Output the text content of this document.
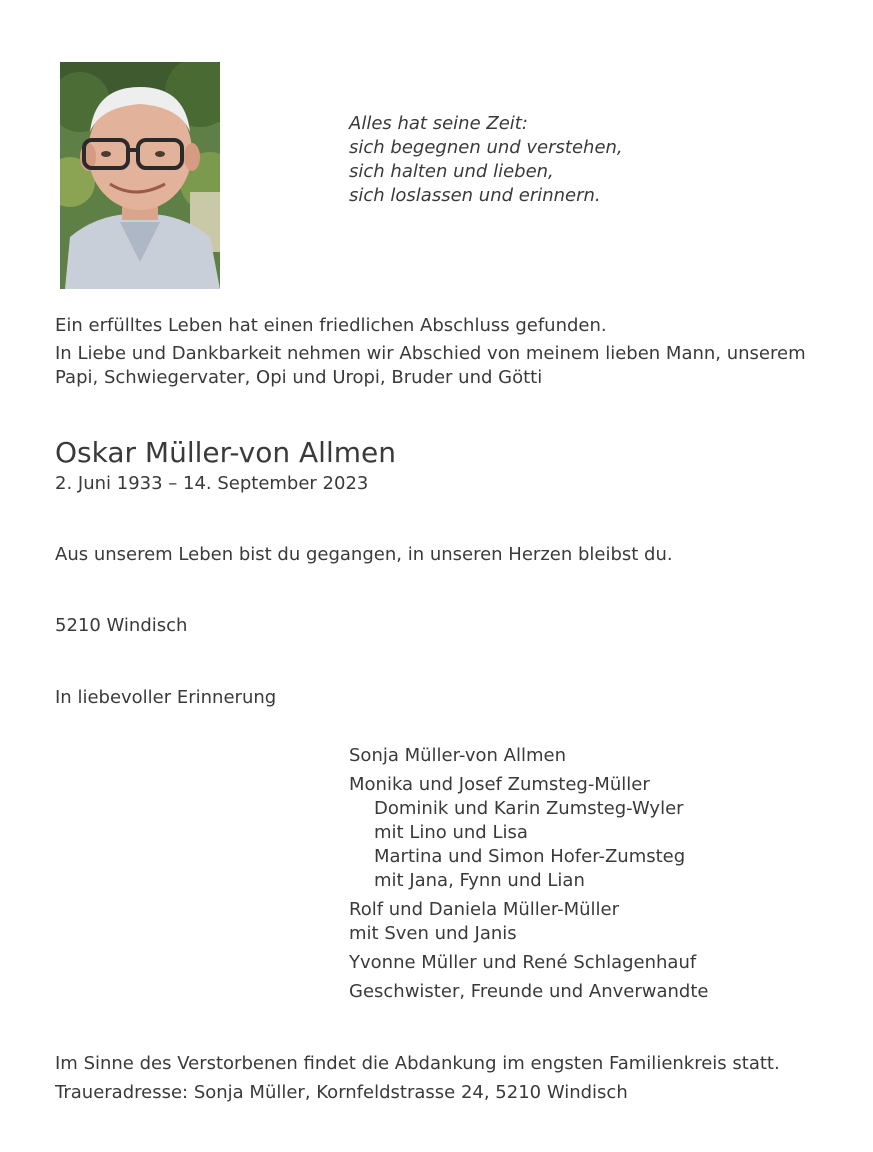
Alles hat seine Zeit:
sich begegnen und verstehen,
sich halten und lieben,
sich loslassen und erinnern.
Ein erfülltes Leben hat einen friedlichen Abschluss gefunden.
In Liebe und Dankbarkeit nehmen wir Abschied von meinem lieben Mann, unserem
Papi, Schwiegervater, Opi und Uropi, Bruder und Götti
Oskar Müller-von Allmen
2. Juni 1933 – 14. September 2023
Aus unserem Leben bist du gegangen, in unseren Herzen bleibst du.
5210 Windisch
In liebevoller Erinnerung
Sonja Müller-von Allmen
Monika und Josef Zumsteg-Müller
Dominik und Karin Zumsteg-Wyler
mit Lino und Lisa
Martina und Simon Hofer-Zumsteg
mit Jana, Fynn und Lian
Rolf und Daniela Müller-Müller
mit Sven und Janis
Yvonne Müller und René Schlagenhauf
Geschwister, Freunde und Anverwandte
Im Sinne des Verstorbenen findet die Abdankung im engsten Familienkreis statt.
Traueradresse: Sonja Müller, Kornfeldstrasse 24, 5210 Windisch
